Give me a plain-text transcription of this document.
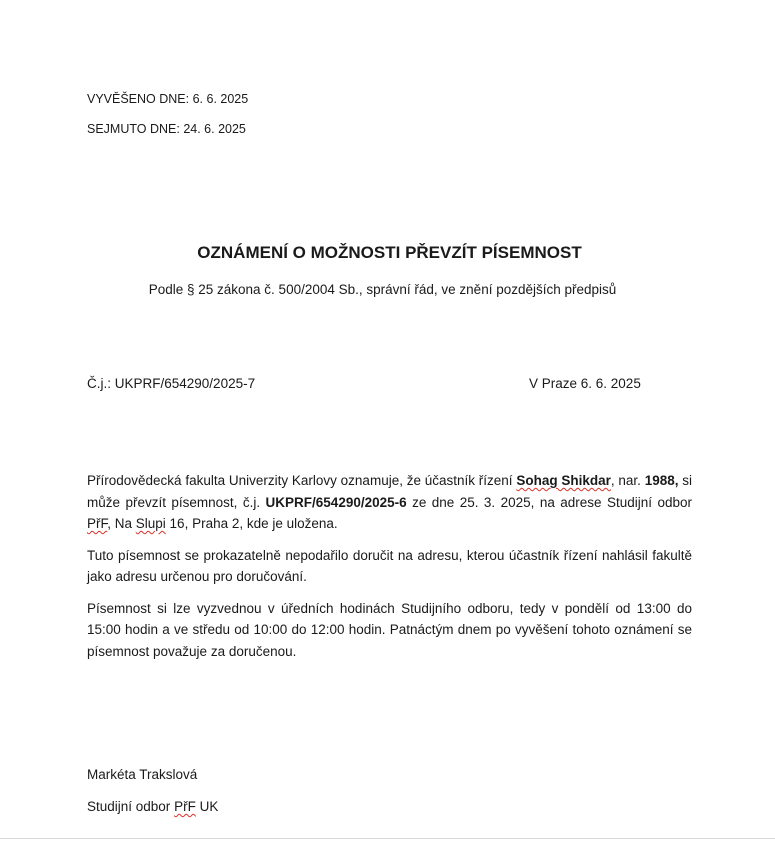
VYVĚŠENO DNE: 6. 6. 2025
SEJMUTO DNE: 24. 6. 2025
OZNÁMENÍ O MOŽNOSTI PŘEVZÍT PÍSEMNOST
Podle § 25 zákona č. 500/2004 Sb., správní řád, ve znění pozdějších předpisů
Č.j.: UKPRF/654290/2025-7	V Praze 6. 6. 2025

Přírodovědecká fakulta Univerzity Karlovy oznamuje, že účastník řízení Sohag Shikdar, nar. 1988, si může převzít písemnost, č.j. UKPRF/654290/2025-6 ze dne 25. 3. 2025, na adrese Studijní odbor PřF, Na Slupi 16, Praha 2, kde je uložena.

Tuto písemnost se prokazatelně nepodařilo doručit na adresu, kterou účastník řízení nahlásil fakultě jako adresu určenou pro doručování.

Písemnost si lze vyzvednou v úředních hodinách Studijního odboru, tedy v pondělí od 13:00 do 15:00 hodin a ve středu od 10:00 do 12:00 hodin. Patnáctým dnem po vyvěšení tohoto oznámení se písemnost považuje za doručenou.

Markéta Trakslová
Studijní odbor PřF UK
